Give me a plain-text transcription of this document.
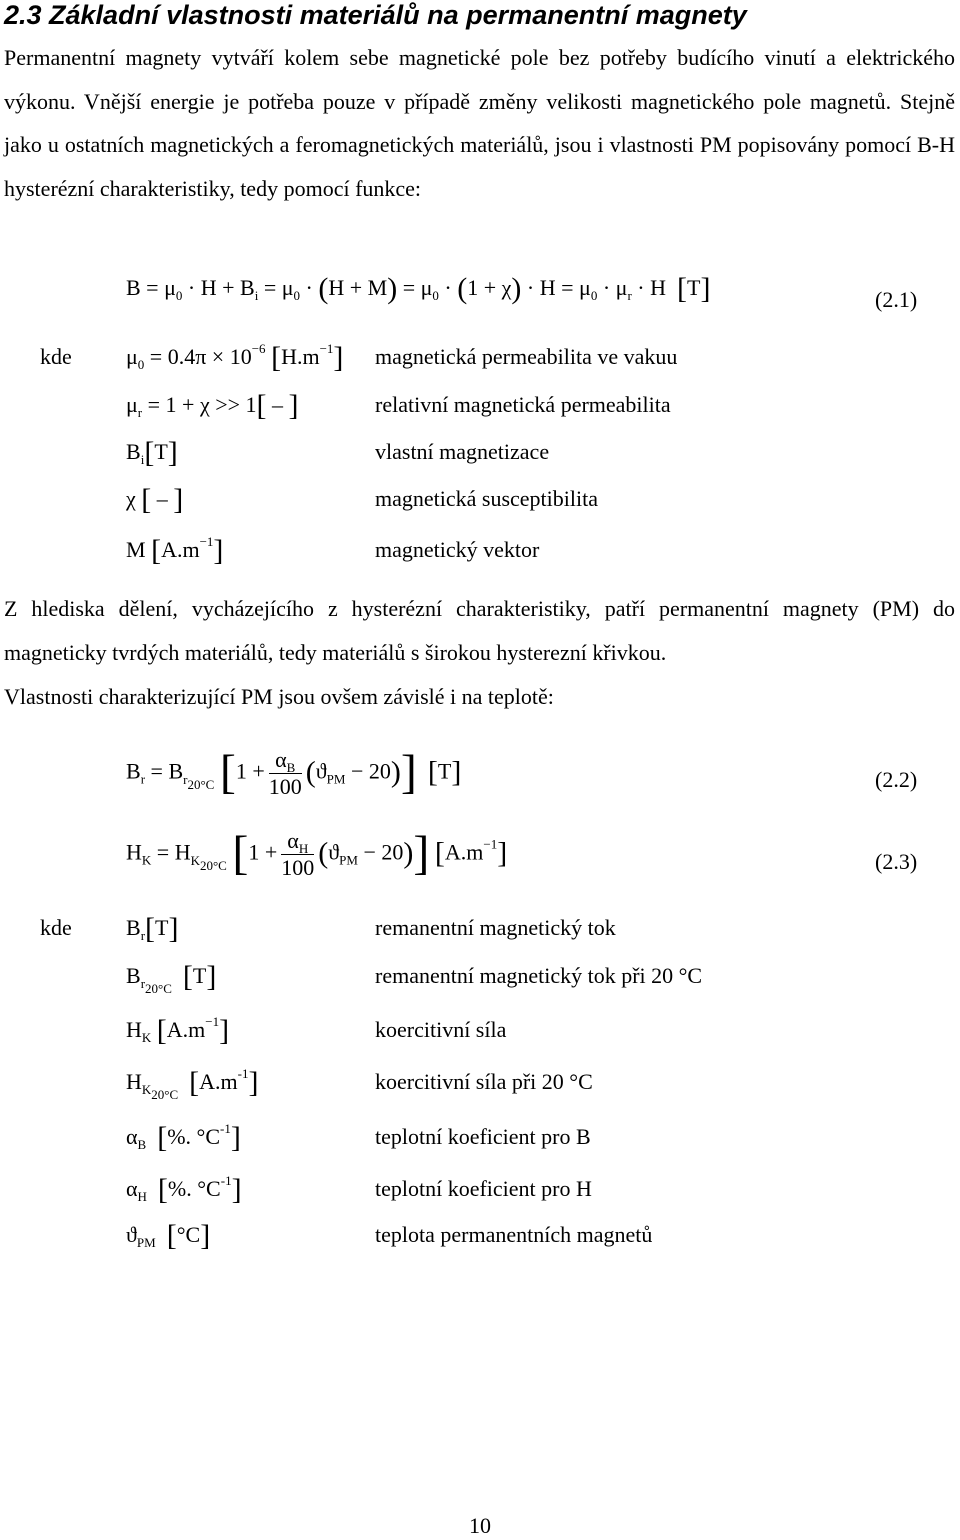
2.3 Základní vlastnosti materiálů na permanentní magnety
Permanentní magnety vytváří kolem sebe magnetické pole bez potřeby budícího vinutí a elektrického výkonu. Vnější energie je potřeba pouze v případě změny velikosti magnetického pole magnetů. Stejně jako u ostatních magnetických a feromagnetických materiálů, jsou i vlastnosti PM popisovány pomocí B-H hysterézní charakteristiky, tedy pomocí funkce:
$B = \mu_0 \cdot H + B_i = \mu_0 \cdot (H + M) = \mu_0 \cdot (1 + \chi) \cdot H = \mu_0 \cdot \mu_r \cdot H$  [T]	(2.1)
kde $\mu_0 = 0.4\pi \times 10^{-6}$ $[H.m^{-1}]$ magnetická permeabilita ve vakuu
$\mu_r = 1 + \chi >> 1$[ – ]	relativní magnetická permeabilita
$B_i[T]$	vlastní magnetizace
χ [ – ]	magnetická susceptibilita
M $[A.m^{-1}]$	magnetický vektor
Z hlediska dělení, vycházejícího z hysterézní charakteristiky, patří permanentní magnety (PM) do magneticky tvrdých materiálů, tedy materiálů s širokou hysterezní křivkou.
Vlastnosti charakterizující PM jsou ovšem závislé i na teplotě:
$B_r = B_{r_{20^\circ C}}$ $[1 + \frac{\alpha_B}{100} (ϑ_{PM} - 20)]$ [T]	(2.2)
$H_K = H_{K_{20^\circ C}}$ $[1 + \frac{\alpha_H}{100} (ϑ_{PM} - 20)]$ $[A.m^{-1}]$	(2.3)
kde $B_r[T]$	remanentní magnetický tok
$B_{r_{20^\circ C}}$ [T]	remanentní magnetický tok při 20 °C
$H_K$ $[A.m^{-1}]$	koercitivní síla
$H_{K_{20^\circ C}}$ $[A.m^{-1}]$	koercitivní síla při 20 °C
$\alpha_B$ [%. $^\circ C^{-1}$]	teplotní koeficient pro B
$\alpha_H$ [%. $^\circ C^{-1}$]	teplotní koeficient pro H
$ϑ_{PM}$ [°C]	teplota permanentních magnetů
10
